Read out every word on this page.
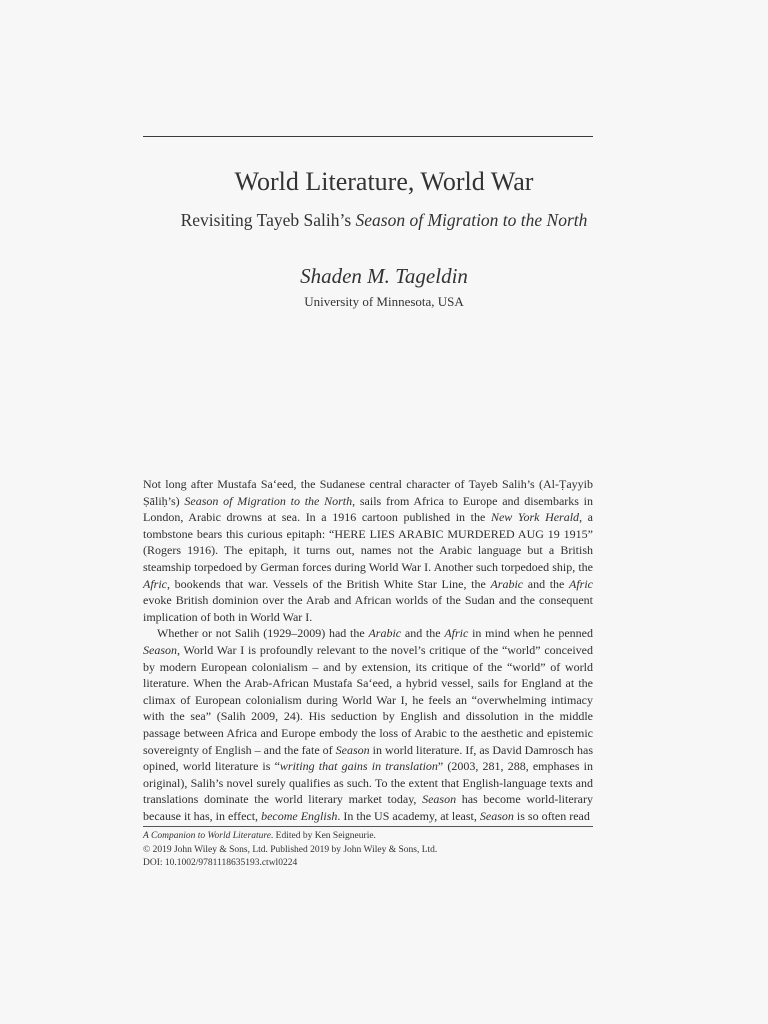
World Literature, World War
Revisiting Tayeb Salih’s Season of Migration to the North
Shaden M. Tageldin
University of Minnesota, USA

Not long after Mustafa Sa‘eed, the Sudanese central character of Tayeb Salih’s (Al‑Ṭayyib Ṣāliḥ’s) Season of Migration to the North, sails from Africa to Europe and disembarks in London, Arabic drowns at sea. In a 1916 cartoon published in the New York Herald, a tombstone bears this curious epitaph: “HERE LIES ARABIC MURDERED AUG 19 1915” (Rogers 1916). The epitaph, it turns out, names not the Arabic language but a British steamship torpedoed by German forces during World War I. Another such torpedoed ship, the Afric, bookends that war. Vessels of the British White Star Line, the Arabic and the Afric evoke British dominion over the Arab and African worlds of the Sudan and the consequent implication of both in World War I.

Whether or not Salih (1929–2009) had the Arabic and the Afric in mind when he penned Season, World War I is profoundly relevant to the novel’s critique of the “world” conceived by modern European colonialism – and by extension, its critique of the “world” of world literature. When the Arab‑African Mustafa Sa‘eed, a hybrid vessel, sails for England at the climax of European colonialism during World War I, he feels an “overwhelming intimacy with the sea” (Salih 2009, 24). His seduction by English and dissolution in the middle passage between Africa and Europe embody the loss of Arabic to the aesthetic and epistemic sovereignty of English – and the fate of Season in world literature. If, as David Damrosch has opined, world literature is “writing that gains in translation” (2003, 281, 288, emphases in original), Salih’s novel surely qualifies as such. To the extent that English‑language texts and translations dominate the world literary market today, Season has become world‑literary because it has, in effect, become English. In the US academy, at least, Season is so often read

A Companion to World Literature. Edited by Ken Seigneurie.
© 2019 John Wiley & Sons, Ltd. Published 2019 by John Wiley & Sons, Ltd.
DOI: 10.1002/9781118635193.ctwl0224
